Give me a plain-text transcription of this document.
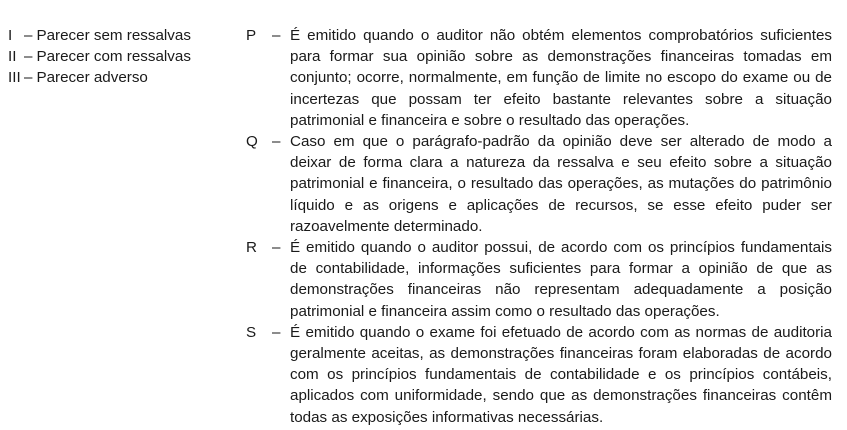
I – Parecer sem ressalvas
II – Parecer com ressalvas
III – Parecer adverso
P	– É emitido quando o auditor não obtém elementos comprobatórios suficientes para formar sua opinião sobre as demonstrações financeiras tomadas em conjunto; ocorre, normalmente, em função de limite no escopo do exame ou de incertezas que possam ter efeito bastante relevantes sobre a situação patrimonial e financeira e sobre o resultado das operações.
Q – Caso em que o parágrafo-padrão da opinião deve ser alterado de modo a deixar de forma clara a natureza da ressalva e seu efeito sobre a situação patrimonial e financeira, o resultado das operações, as mutações do patrimônio líquido e as origens e aplicações de recursos, se esse efeito puder ser razoavelmente determinado.
R – É emitido quando o auditor possui, de acordo com os princípios fundamentais de contabilidade, informações suficientes para formar a opinião de que as demonstrações financeiras não representam adequadamente a posição patrimonial e financeira assim como o resultado das operações.
S	– É emitido quando o exame foi efetuado de acordo com as normas de auditoria geralmente aceitas, as demonstrações financeiras foram elaboradas de acordo com os princípios fundamentais de contabilidade e os princípios contábeis, aplicados com uniformidade, sendo que as demonstrações financeiras contêm todas as exposições informativas necessárias.
